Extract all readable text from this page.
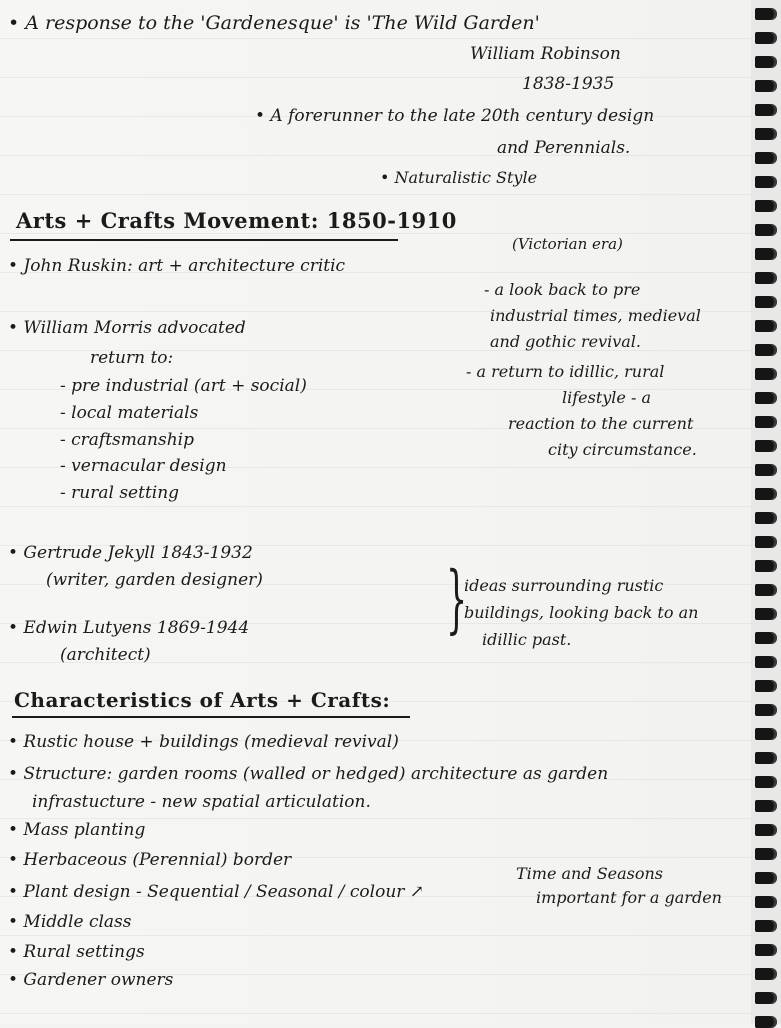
• A response to the 'Gardenesque' is 'The Wild Garden'
William Robinson
1838-1935
• A forerunner to the late 20th century design
and Perennials.
• Naturalistic Style
Arts + Crafts Movement: 1850-1910
(Victorian era)
• John Ruskin: art + architecture critic
• William Morris advocated
return to:
- pre industrial (art + social)
- local materials
- craftsmanship
- vernacular design
- rural setting
- a look back to pre
industrial times, medieval
and gothic revival.
- a return to idillic, rural
lifestyle - a
reaction to the current
city circumstance.
• Gertrude Jekyll 1843-1932
(writer, garden designer)
• Edwin Lutyens 1869-1944
(architect)
}
ideas surrounding rustic
buildings, looking back to an
idillic past.
Characteristics of Arts + Crafts:
• Rustic house + buildings (medieval revival)
• Structure: garden rooms (walled or hedged) architecture as garden
infrastucture - new spatial articulation.
• Mass planting
• Herbaceous (Perennial) border
• Plant design - Sequential / Seasonal / colour ↗
• Middle class
• Rural settings
• Gardener owners
Time and Seasons
important for a garden
